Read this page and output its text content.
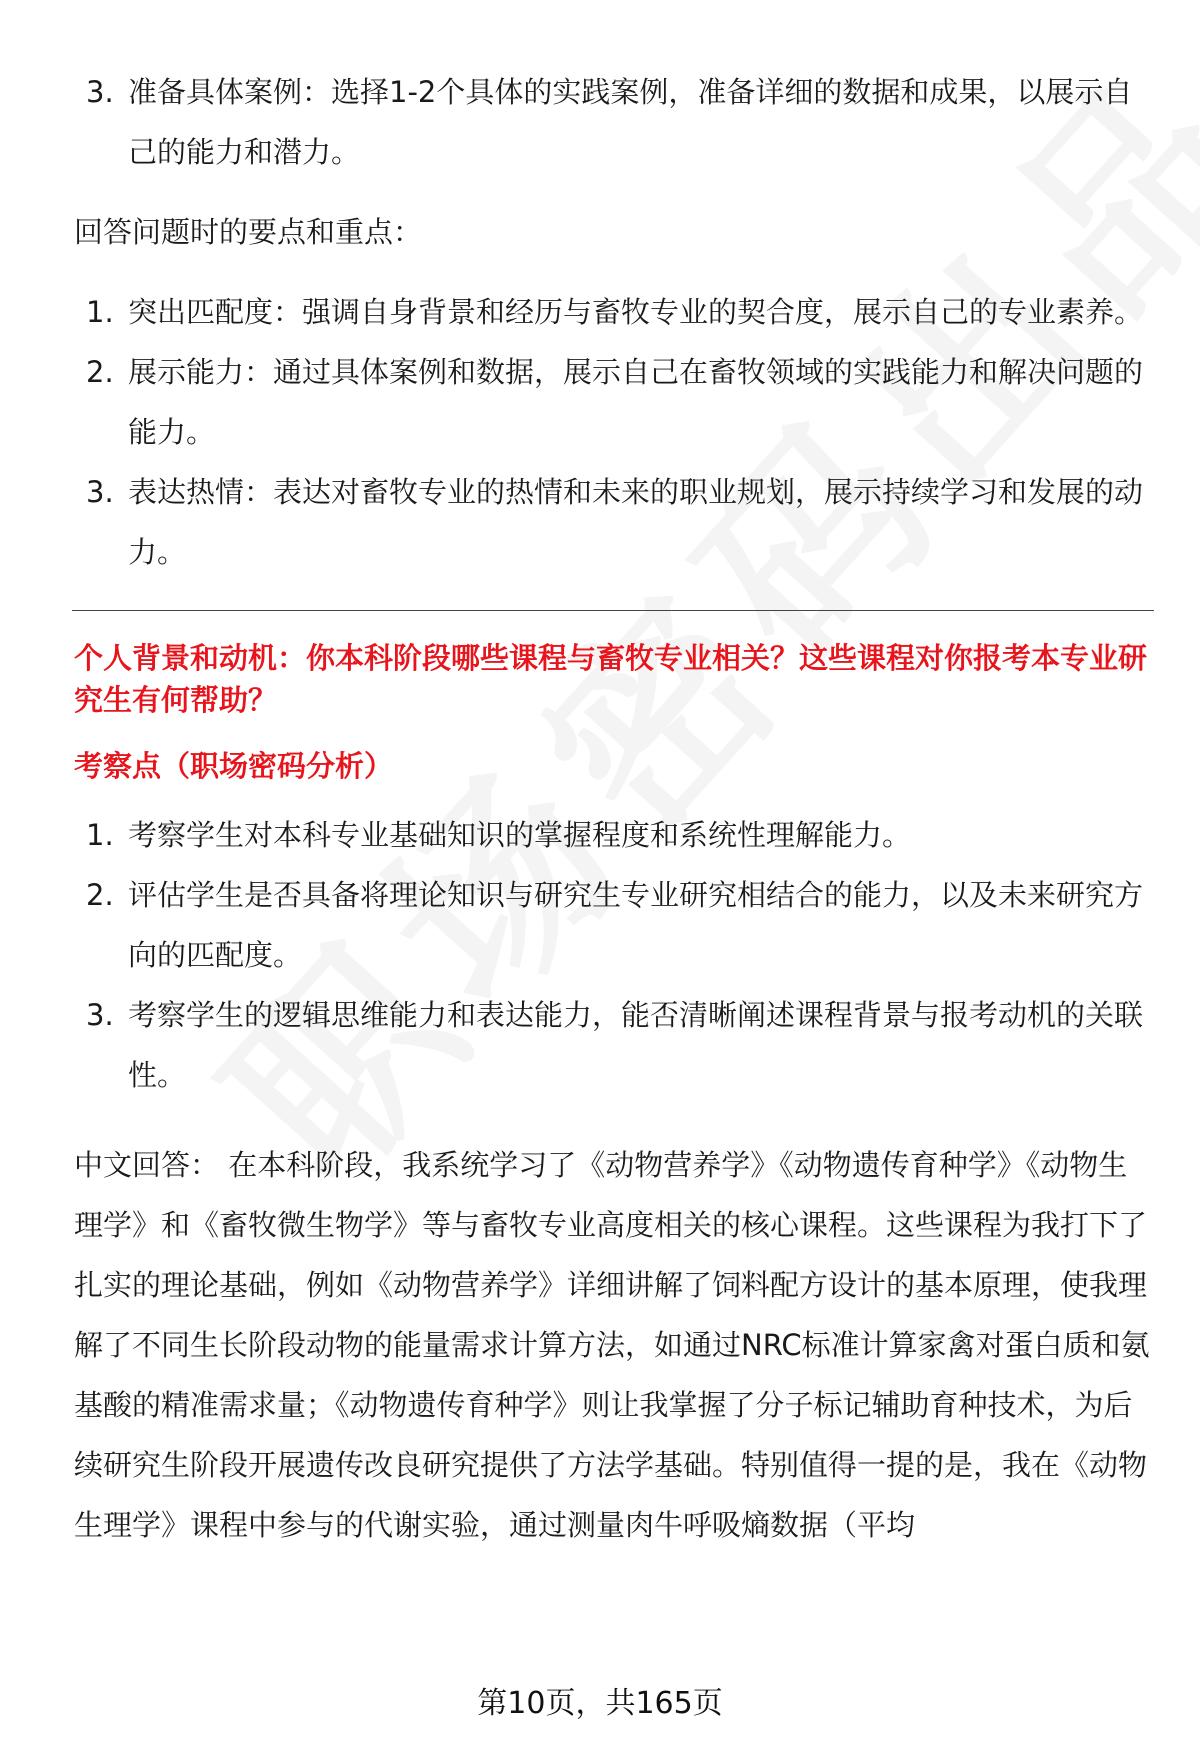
3. 准备具体案例：选择1-2个具体的实践案例，准备详细的数据和成果，以展示自己的能力和潜力。

回答问题时的要点和重点：

1. 突出匹配度：强调自身背景和经历与畜牧专业的契合度，展示自己的专业素养。
2. 展示能力：通过具体案例和数据，展示自己在畜牧领域的实践能力和解决问题的能力。
3. 表达热情：表达对畜牧专业的热情和未来的职业规划，展示持续学习和发展的动力。

个人背景和动机：你本科阶段哪些课程与畜牧专业相关？这些课程对你报考本专业研究生有何帮助？

考察点（职场密码分析）

1. 考察学生对本科专业基础知识的掌握程度和系统性理解能力。
2. 评估学生是否具备将理论知识与研究生专业研究相结合的能力，以及未来研究方向的匹配度。
3. 考察学生的逻辑思维能力和表达能力，能否清晰阐述课程背景与报考动机的关联性。

中文回答： 在本科阶段，我系统学习了《动物营养学》《动物遗传育种学》《动物生理学》和《畜牧微生物学》等与畜牧专业高度相关的核心课程。这些课程为我打下了扎实的理论基础，例如《动物营养学》详细讲解了饲料配方设计的基本原理，使我理解了不同生长阶段动物的能量需求计算方法，如通过NRC标准计算家禽对蛋白质和氨基酸的精准需求量；《动物遗传育种学》则让我掌握了分子标记辅助育种技术，为后续研究生阶段开展遗传改良研究提供了方法学基础。特别值得一提的是，我在《动物生理学》课程中参与的代谢实验，通过测量肉牛呼吸熵数据（平均

第10页，共165页
